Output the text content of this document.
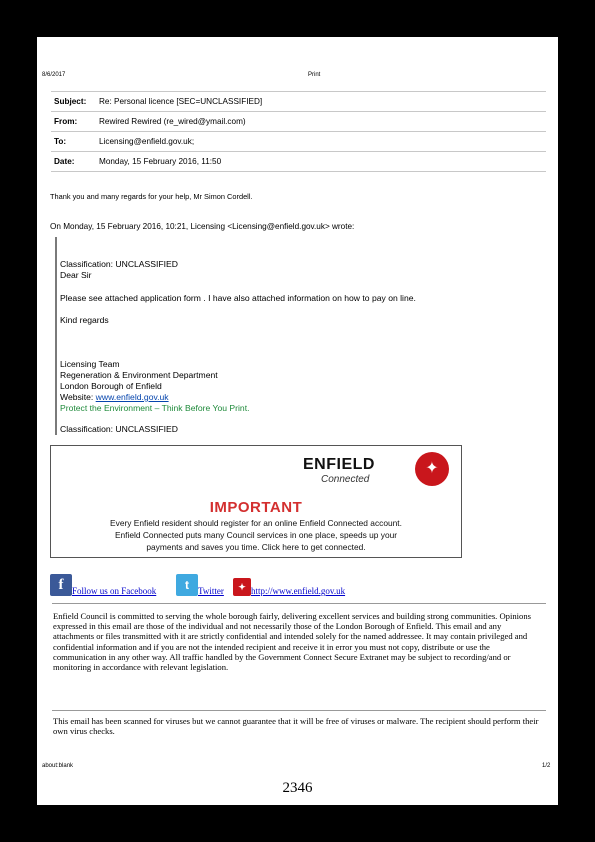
8/6/2017	Print
Subject:	Re: Personal licence [SEC=UNCLASSIFIED]
From:	Rewired Rewired (re_wired@ymail.com)
To:	Licensing@enfield.gov.uk;
Date:	Monday, 15 February 2016, 11:50
Thank you and many regards for your help, Mr Simon Cordell.
On Monday, 15 February 2016, 10:21, Licensing <Licensing@enfield.gov.uk> wrote:
Classification: UNCLASSIFIED
Dear Sir
Please see attached application form . I have also attached information on how to pay on line.
Kind regards
Licensing Team
Regeneration & Environment Department
London Borough of Enfield
Website: www.enfield.gov.uk
Protect the Environment – Think Before You Print.
Classification: UNCLASSIFIED
ENFIELD
Connected
✦
IMPORTANT
Every Enfield resident should register for an online Enfield Connected account.
Enfield Connected puts many Council services in one place, speeds up your
payments and saves you time. Click here to get connected.
f Follow us on Facebook	t	Twitter	✦ http://www.enfield.gov.uk
Enfield Council is committed to serving the whole borough fairly, delivering excellent services and building strong communities. Opinions expressed in this email are those of the individual and not necessarily those of the London Borough of Enfield. This email and any attachments or files transmitted with it are strictly confidential and intended solely for the named addressee. It may contain privileged and confidential information and if you are not the intended recipient and receive it in error you must not copy, distribute or use the communication in any other way. All traffic handled by the Government Connect Secure Extranet may be subject to recording/and or monitoring in accordance with relevant legislation.
This email has been scanned for viruses but we cannot guarantee that it will be free of viruses or malware. The recipient should perform their own virus checks.
about:blank	1/2
2346
